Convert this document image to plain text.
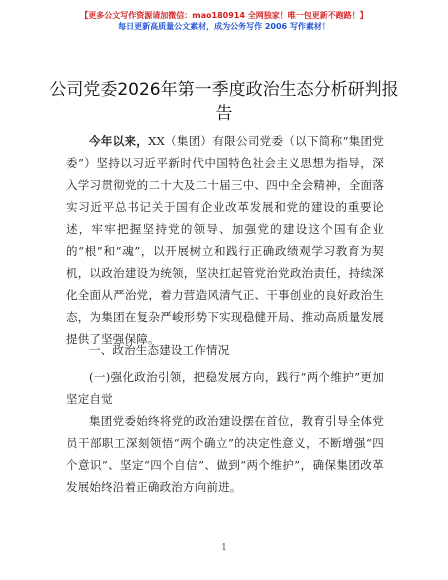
【更多公文写作资源请加微信：mao180914 全网独家！唯一包更新不跑路！】
每日更新高质量公文素材，成为公务写作 2006 写作素材！
公司党委2026年第一季度政治生态分析研判报告

今年以来，XX（集团）有限公司党委（以下简称“集团党委”）坚持以习近平新时代中国特色社会主义思想为指导，深入学习贯彻党的二十大及二十届三中、四中全会精神，全面落实习近平总书记关于国有企业改革发展和党的建设的重要论述，牢牢把握坚持党的领导、加强党的建设这个国有企业的“根”和“魂”，以开展树立和践行正确政绩观学习教育为契机，以政治建设为统领，坚决扛起管党治党政治责任，持续深化全面从严治党，着力营造风清气正、干事创业的良好政治生态，为集团在复杂严峻形势下实现稳健开局、推动高质量发展提供了坚强保障。

一、政治生态建设工作情况

(一)强化政治引领，把稳发展方向，践行“两个维护”更加坚定自觉

集团党委始终将党的政治建设摆在首位，教育引导全体党员干部职工深刻领悟“两个确立”的决定性意义，不断增强“四个意识”、坚定“四个自信”、做到“两个维护”，确保集团改革发展始终沿着正确政治方向前进。

1
